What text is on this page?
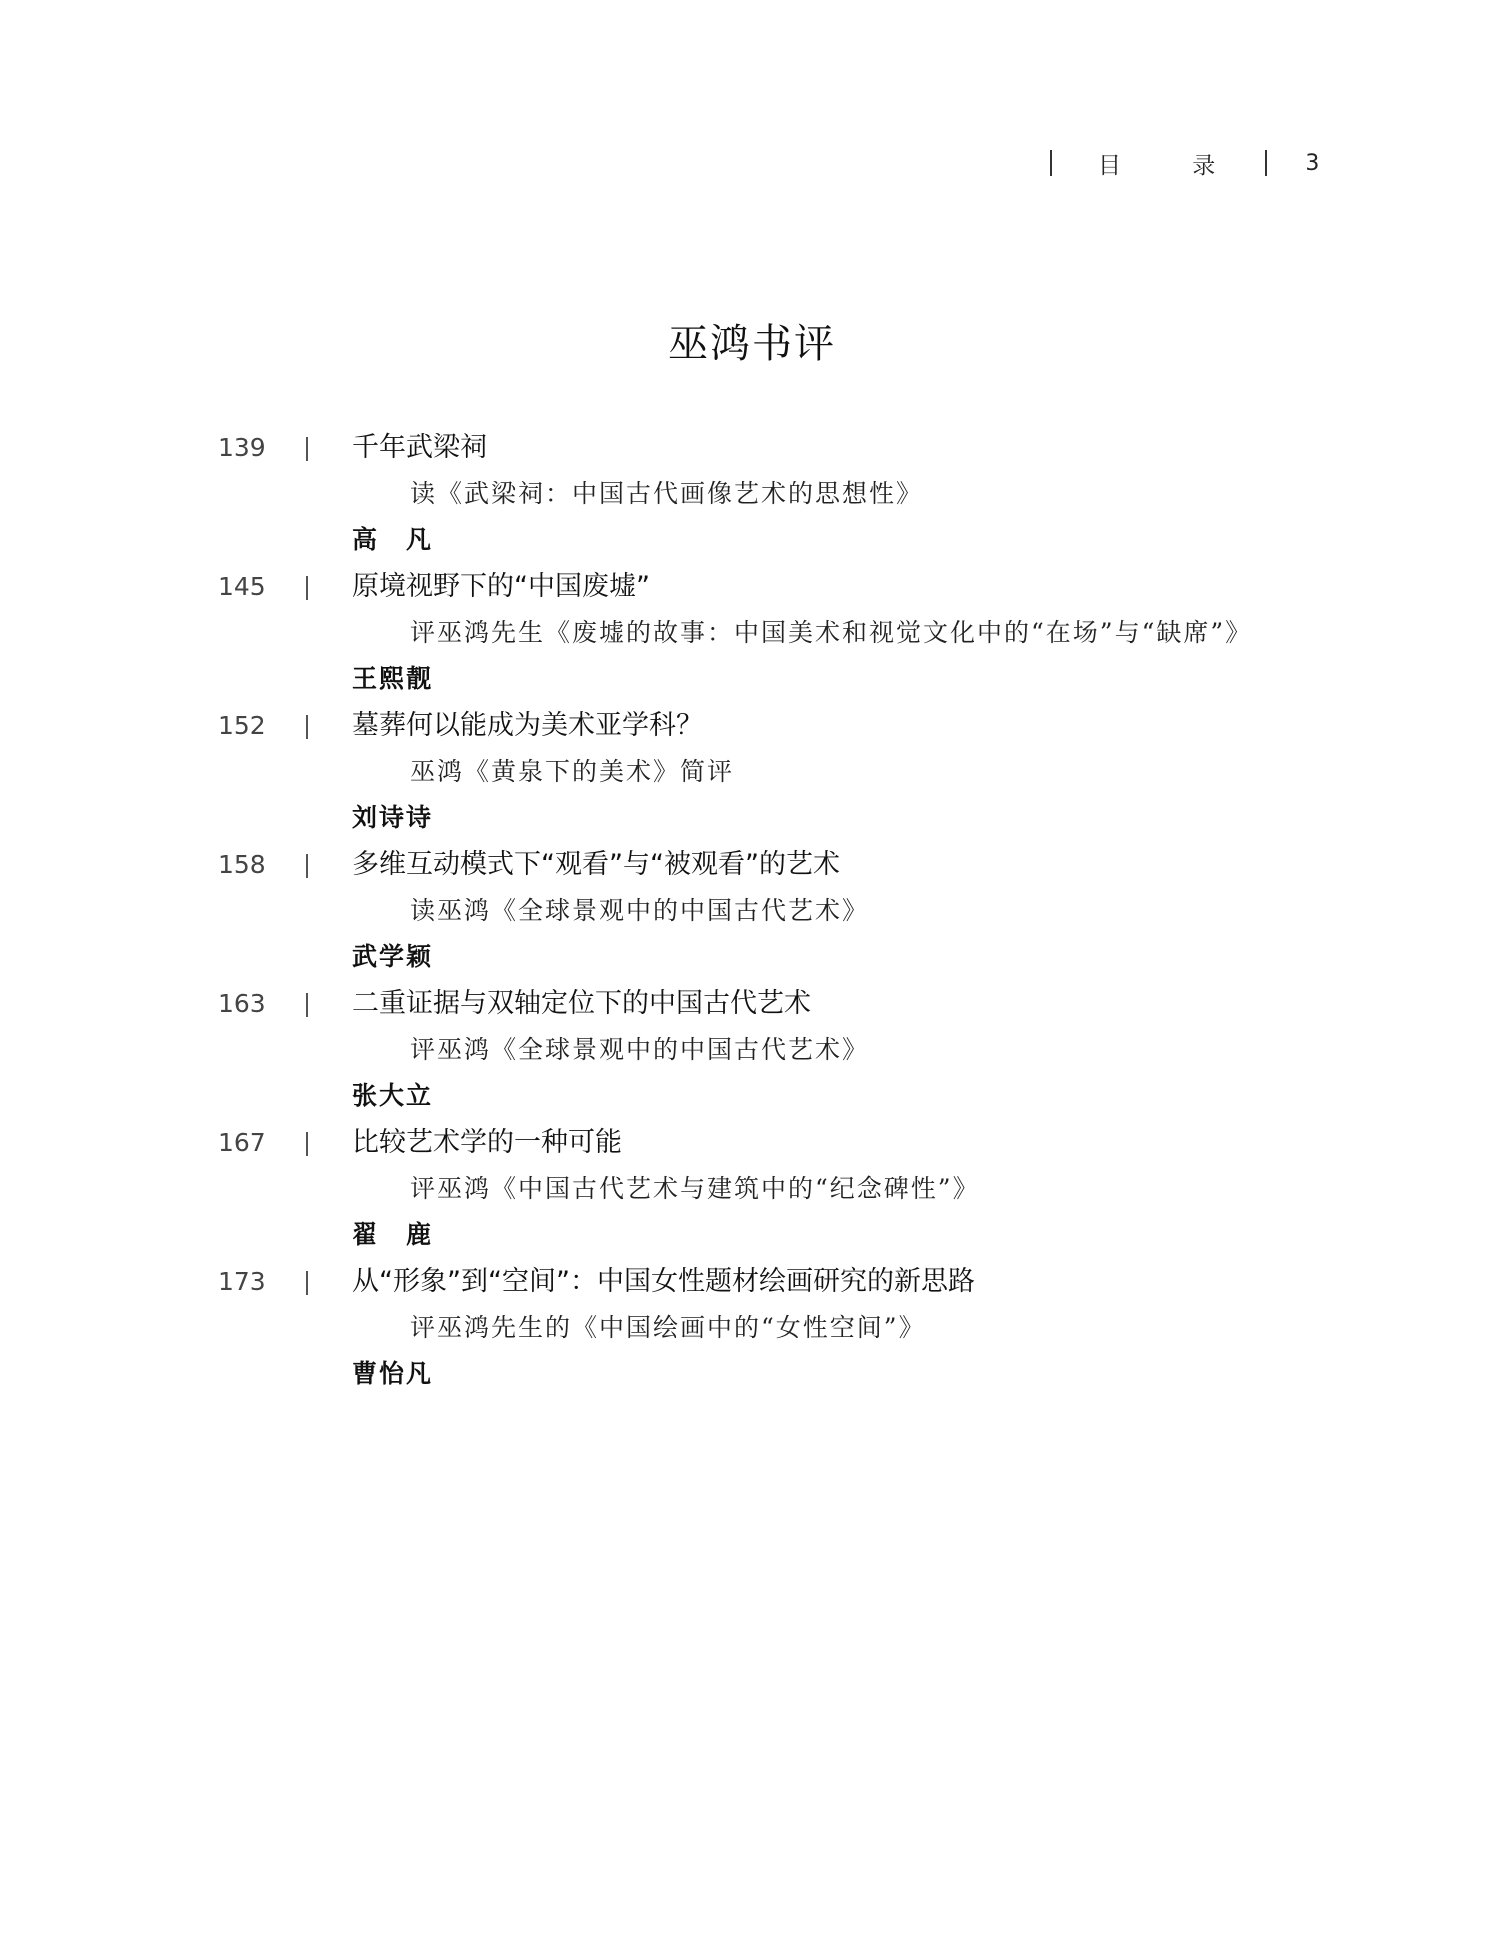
目 录	3
巫鸿书评
139	千年武梁祠
读《武梁祠：中国古代画像艺术的思想性》
高　凡
145	原境视野下的“中国废墟”
评巫鸿先生《废墟的故事：中国美术和视觉文化中的“在场”与“缺席”》
王熙靓
152	墓葬何以能成为美术亚学科？
巫鸿《黄泉下的美术》简评
刘诗诗
158	多维互动模式下“观看”与“被观看”的艺术
读巫鸿《全球景观中的中国古代艺术》
武学颖
163	二重证据与双轴定位下的中国古代艺术
评巫鸿《全球景观中的中国古代艺术》
张大立
167	比较艺术学的一种可能
评巫鸿《中国古代艺术与建筑中的“纪念碑性”》
翟　鹿
173	从“形象”到“空间”：中国女性题材绘画研究的新思路
评巫鸿先生的《中国绘画中的“女性空间”》
曹怡凡
